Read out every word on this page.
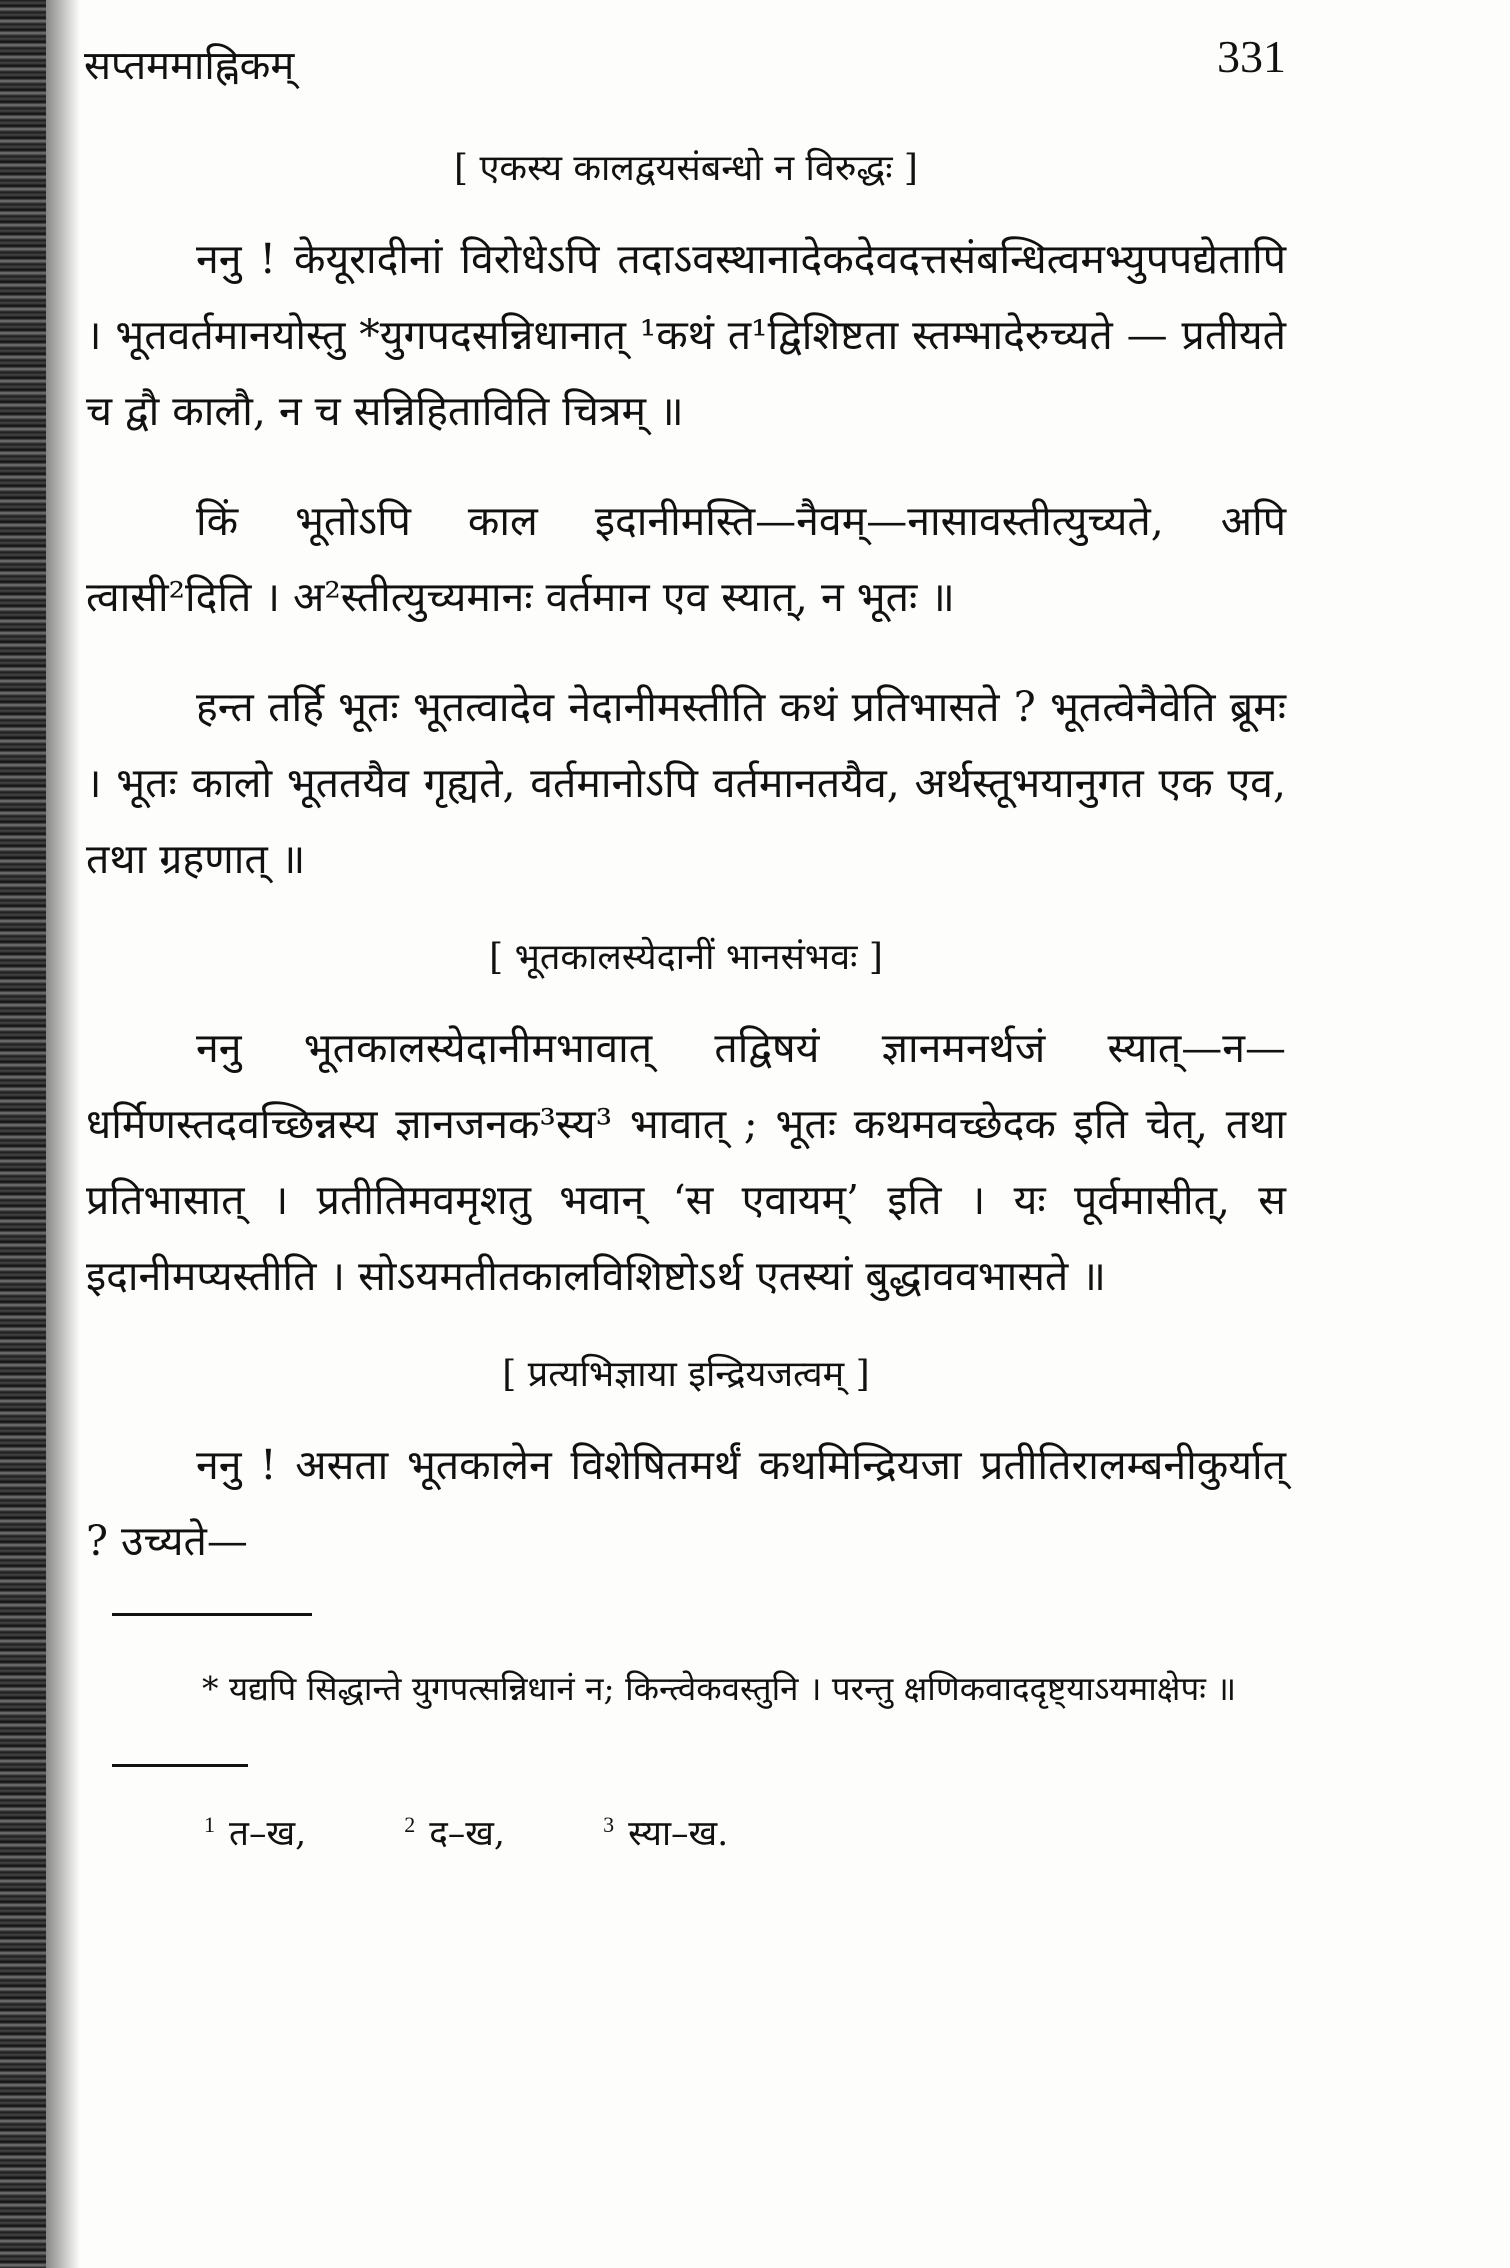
सप्तममाह्निकम्	331
[ एकस्य कालद्वयसंबन्धो न विरुद्धः ]

ननु ! केयूरादीनां विरोधेऽपि तदाऽवस्थानादेकदेवदत्तसंबन्धित्वमभ्युपपद्येतापि । भूतवर्तमानयोस्तु *युगपदसन्निधानात् ¹कथं त¹द्विशिष्टता स्तम्भादेरुच्यते — प्रतीयते च द्वौ कालौ, न च सन्निहिताविति चित्रम् ॥

किं भूतोऽपि काल इदानीमस्ति—नैवम्—नासावस्तीत्युच्यते, अपि त्वासी²दिति । अ²स्तीत्युच्यमानः वर्तमान एव स्यात्, न भूतः ॥

हन्त तर्हि भूतः भूतत्वादेव नेदानीमस्तीति कथं प्रतिभासते ? भूतत्वेनैवेति ब्रूमः । भूतः कालो भूततयैव गृह्यते, वर्तमानोऽपि वर्तमानतयैव, अर्थस्तूभयानुगत एक एव, तथा ग्रहणात् ॥

[ भूतकालस्येदानीं भानसंभवः ]

ननु भूतकालस्येदानीमभावात् तद्विषयं ज्ञानमनर्थजं स्यात्—न—धर्मिणस्तदवच्छिन्नस्य ज्ञानजनक³स्य³ भावात् ; भूतः कथमवच्छेदक इति चेत्, तथा प्रतिभासात् । प्रतीतिमवमृशतु भवान् ‘स एवायम्’ इति । यः पूर्वमासीत्, स इदानीमप्यस्तीति । सोऽयमतीतकालविशिष्टोऽर्थ एतस्यां बुद्धाववभासते ॥

[ प्रत्यभिज्ञाया इन्द्रियजत्वम् ]

ननु ! असता भूतकालेन विशेषितमर्थं कथमिन्द्रियजा प्रतीतिरालम्बनीकुर्यात् ? उच्यते—

* यद्यपि सिद्धान्ते युगपत्सन्निधानं न; किन्त्वेकवस्तुनि । परन्तु क्षणिकवाददृष्ट्याऽयमाक्षेपः ॥

$^1$ त–ख,	$^2$ द–ख,	$^3$ स्या–ख.
